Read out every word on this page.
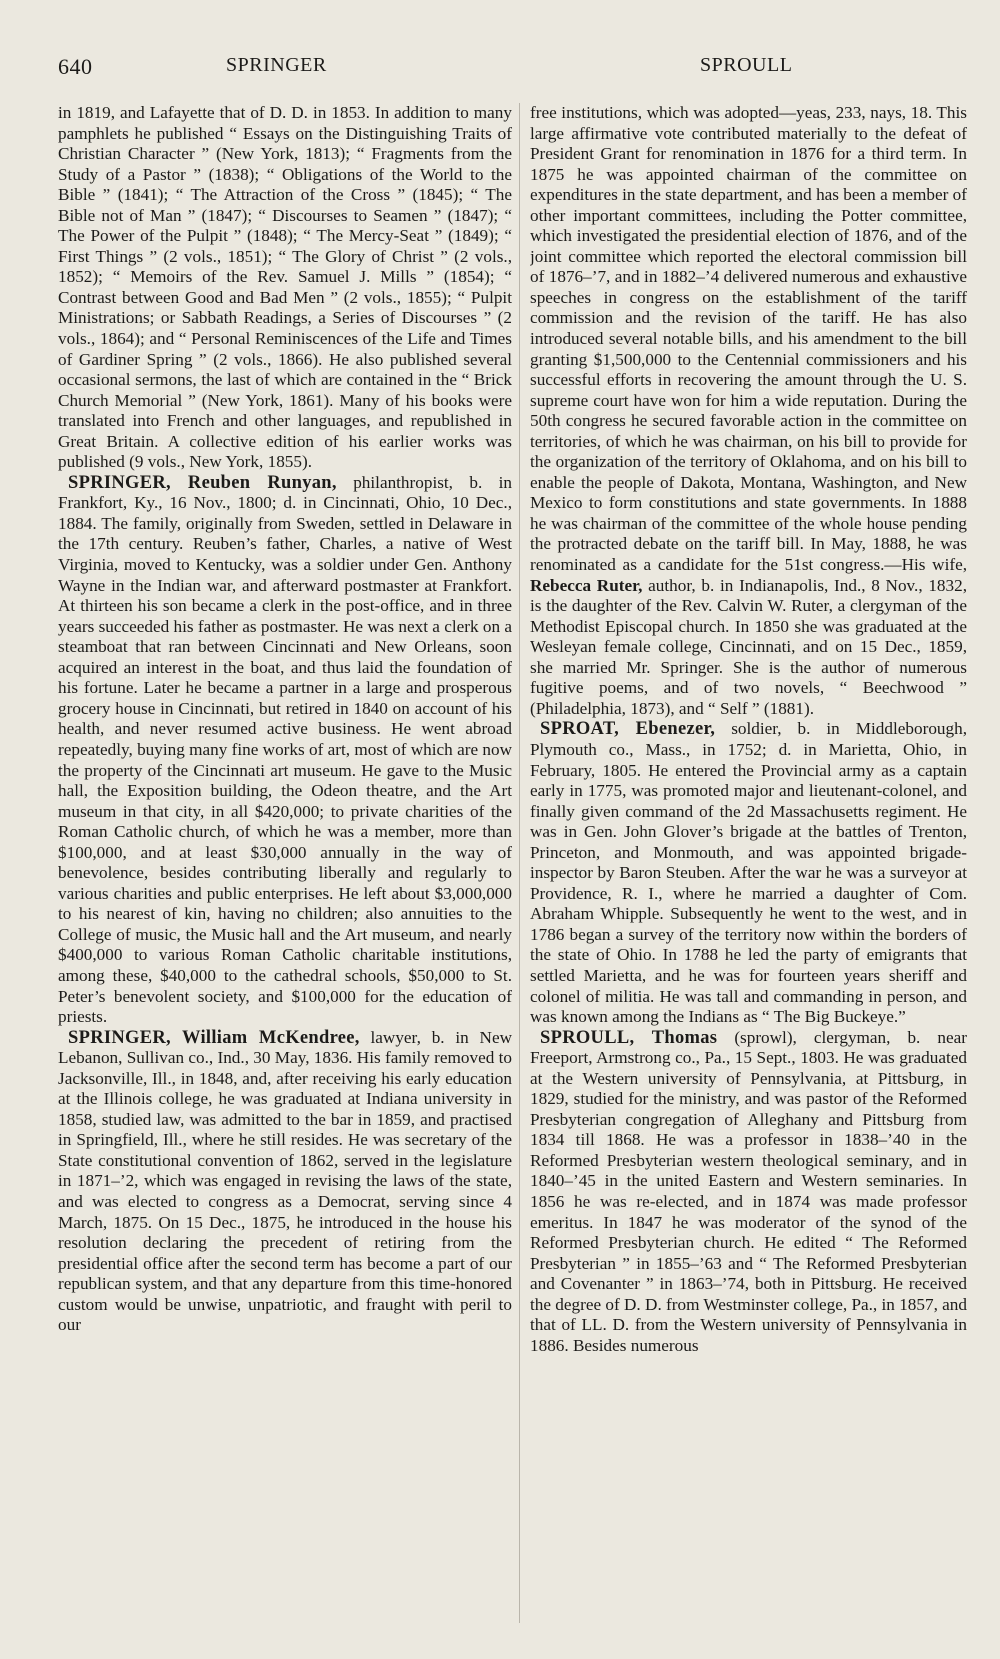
640	SPRINGER	SPROULL

in 1819, and Lafayette that of D. D. in 1853. In addition to many pamphlets he published “ Essays on the Distinguishing Traits of Christian Character ” (New York, 1813); “ Fragments from the Study of a Pastor ” (1838); “ Obligations of the World to the Bible ” (1841); “ The Attraction of the Cross ” (1845); “ The Bible not of Man ” (1847); “ Discourses to Seamen ” (1847); “ The Power of the Pulpit ” (1848); “ The Mercy-Seat ” (1849); “ First Things ” (2 vols., 1851); “ The Glory of Christ ” (2 vols., 1852); “ Memoirs of the Rev. Samuel J. Mills ” (1854); “ Contrast between Good and Bad Men ” (2 vols., 1855); “ Pulpit Ministrations; or Sabbath Readings, a Series of Discourses ” (2 vols., 1864); and “ Personal Reminiscences of the Life and Times of Gardiner Spring ” (2 vols., 1866). He also published several occasional sermons, the last of which are contained in the “ Brick Church Memorial ” (New York, 1861). Many of his books were translated into French and other languages, and republished in Great Britain. A collective edition of his earlier works was published (9 vols., New York, 1855).

SPRINGER, Reuben Runyan, philanthropist, b. in Frankfort, Ky., 16 Nov., 1800; d. in Cincinnati, Ohio, 10 Dec., 1884. The family, originally from Sweden, settled in Delaware in the 17th century. Reuben’s father, Charles, a native of West Virginia, moved to Kentucky, was a soldier under Gen. Anthony Wayne in the Indian war, and afterward postmaster at Frankfort. At thirteen his son became a clerk in the post-office, and in three years succeeded his father as postmaster. He was next a clerk on a steamboat that ran between Cincinnati and New Orleans, soon acquired an interest in the boat, and thus laid the foundation of his fortune. Later he became a partner in a large and prosperous grocery house in Cincinnati, but retired in 1840 on account of his health, and never resumed active business. He went abroad repeatedly, buying many fine works of art, most of which are now the property of the Cincinnati art museum. He gave to the Music hall, the Exposition building, the Odeon theatre, and the Art museum in that city, in all $420,000; to private charities of the Roman Catholic church, of which he was a member, more than $100,000, and at least $30,000 annually in the way of benevolence, besides contributing liberally and regularly to various charities and public enterprises. He left about $3,000,000 to his nearest of kin, having no children; also annuities to the College of music, the Music hall and the Art museum, and nearly $400,000 to various Roman Catholic charitable institutions, among these, $40,000 to the cathedral schools, $50,000 to St. Peter’s benevolent society, and $100,000 for the education of priests.

SPRINGER, William McKendree, lawyer, b. in New Lebanon, Sullivan co., Ind., 30 May, 1836. His family removed to Jacksonville, Ill., in 1848, and, after receiving his early education at the Illinois college, he was graduated at Indiana university in 1858, studied law, was admitted to the bar in 1859, and practised in Springfield, Ill., where he still resides. He was secretary of the State constitutional convention of 1862, served in the legislature in 1871–’2, which was engaged in revising the laws of the state, and was elected to congress as a Democrat, serving since 4 March, 1875. On 15 Dec., 1875, he introduced in the house his resolution declaring the precedent of retiring from the presidential office after the second term has become a part of our republican system, and that any departure from this time-honored custom would be unwise, unpatriotic, and fraught with peril to our

free institutions, which was adopted—yeas, 233, nays, 18. This large affirmative vote contributed materially to the defeat of President Grant for renomination in 1876 for a third term. In 1875 he was appointed chairman of the committee on expenditures in the state department, and has been a member of other important committees, including the Potter committee, which investigated the presidential election of 1876, and of the joint committee which reported the electoral commission bill of 1876–’7, and in 1882–’4 delivered numerous and exhaustive speeches in congress on the establishment of the tariff commission and the revision of the tariff. He has also introduced several notable bills, and his amendment to the bill granting $1,500,000 to the Centennial commissioners and his successful efforts in recovering the amount through the U. S. supreme court have won for him a wide reputation. During the 50th congress he secured favorable action in the committee on territories, of which he was chairman, on his bill to provide for the organization of the territory of Oklahoma, and on his bill to enable the people of Dakota, Montana, Washington, and New Mexico to form constitutions and state governments. In 1888 he was chairman of the committee of the whole house pending the protracted debate on the tariff bill. In May, 1888, he was renominated as a candidate for the 51st congress.—His wife, Rebecca Ruter, author, b. in Indianapolis, Ind., 8 Nov., 1832, is the daughter of the Rev. Calvin W. Ruter, a clergyman of the Methodist Episcopal church. In 1850 she was graduated at the Wesleyan female college, Cincinnati, and on 15 Dec., 1859, she married Mr. Springer. She is the author of numerous fugitive poems, and of two novels, “ Beechwood ” (Philadelphia, 1873), and “ Self ” (1881).

SPROAT, Ebenezer, soldier, b. in Middleborough, Plymouth co., Mass., in 1752; d. in Marietta, Ohio, in February, 1805. He entered the Provincial army as a captain early in 1775, was promoted major and lieutenant-colonel, and finally given command of the 2d Massachusetts regiment. He was in Gen. John Glover’s brigade at the battles of Trenton, Princeton, and Monmouth, and was appointed brigade-inspector by Baron Steuben. After the war he was a surveyor at Providence, R. I., where he married a daughter of Com. Abraham Whipple. Subsequently he went to the west, and in 1786 began a survey of the territory now within the borders of the state of Ohio. In 1788 he led the party of emigrants that settled Marietta, and he was for fourteen years sheriff and colonel of militia. He was tall and commanding in person, and was known among the Indians as “ The Big Buckeye.”

SPROULL, Thomas (sprowl), clergyman, b. near Freeport, Armstrong co., Pa., 15 Sept., 1803. He was graduated at the Western university of Pennsylvania, at Pittsburg, in 1829, studied for the ministry, and was pastor of the Reformed Presbyterian congregation of Alleghany and Pittsburg from 1834 till 1868. He was a professor in 1838–’40 in the Reformed Presbyterian western theological seminary, and in 1840–’45 in the united Eastern and Western seminaries. In 1856 he was re-elected, and in 1874 was made professor emeritus. In 1847 he was moderator of the synod of the Reformed Presbyterian church. He edited “ The Reformed Presbyterian ” in 1855–’63 and “ The Reformed Presbyterian and Covenanter ” in 1863–’74, both in Pittsburg. He received the degree of D. D. from Westminster college, Pa., in 1857, and that of LL. D. from the Western university of Pennsylvania in 1886. Besides numerous
